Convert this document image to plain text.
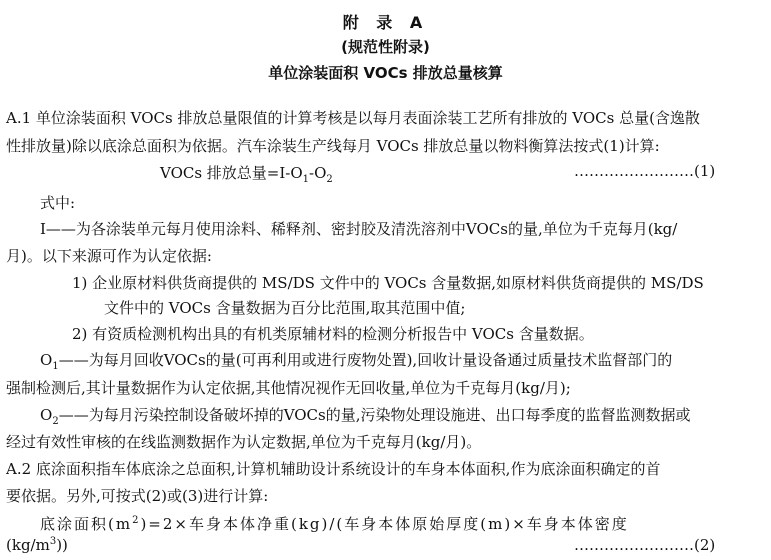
附 录 A
(规范性附录)
单位涂装面积 VOCs 排放总量核算
A.1 单位涂装面积 VOCs 排放总量限值的计算考核是以每月表面涂装工艺所有排放的 VOCs 总量(含逸散
性排放量)除以底涂总面积为依据。汽车涂装生产线每月 VOCs 排放总量以物料衡算法按式(1)计算:
VOCs 排放总量$=I-O_1-O_2$	……………………(1)
式中:
I——为各涂装单元每月使用涂料、稀释剂、密封胶及清洗溶剂中VOCs的量,单位为千克每月(kg/
月)。以下来源可作为认定依据:
1) 企业原材料供货商提供的 MS/DS 文件中的 VOCs 含量数据,如原材料供货商提供的 MS/DS
文件中的 VOCs 含量数据为百分比范围,取其范围中值;
2) 有资质检测机构出具的有机类原辅材料的检测分析报告中 VOCs 含量数据。
$O_1——$为每月回收VOCs的量(可再利用或进行废物处置),回收计量设备通过质量技术监督部门的
强制检测后,其计量数据作为认定依据,其他情况视作无回收量,单位为千克每月(kg/月);
$O_2——$为每月污染控制设备破坏掉的VOCs的量,污染物处理设施进、出口每季度的监督监测数据或
经过有效性审核的在线监测数据作为认定数据,单位为千克每月(kg/月)。
A.2 底涂面积指车体底涂之总面积,计算机辅助设计系统设计的车身本体面积,作为底涂面积确定的首
要依据。另外,可按式(2)或(3)进行计算:
底涂面积$(m^2)=2\times$车身本体净重(kg)/(车身本体原始厚度(m)×车身本体密度
$(kg/m^3)$)	……………………(2)
